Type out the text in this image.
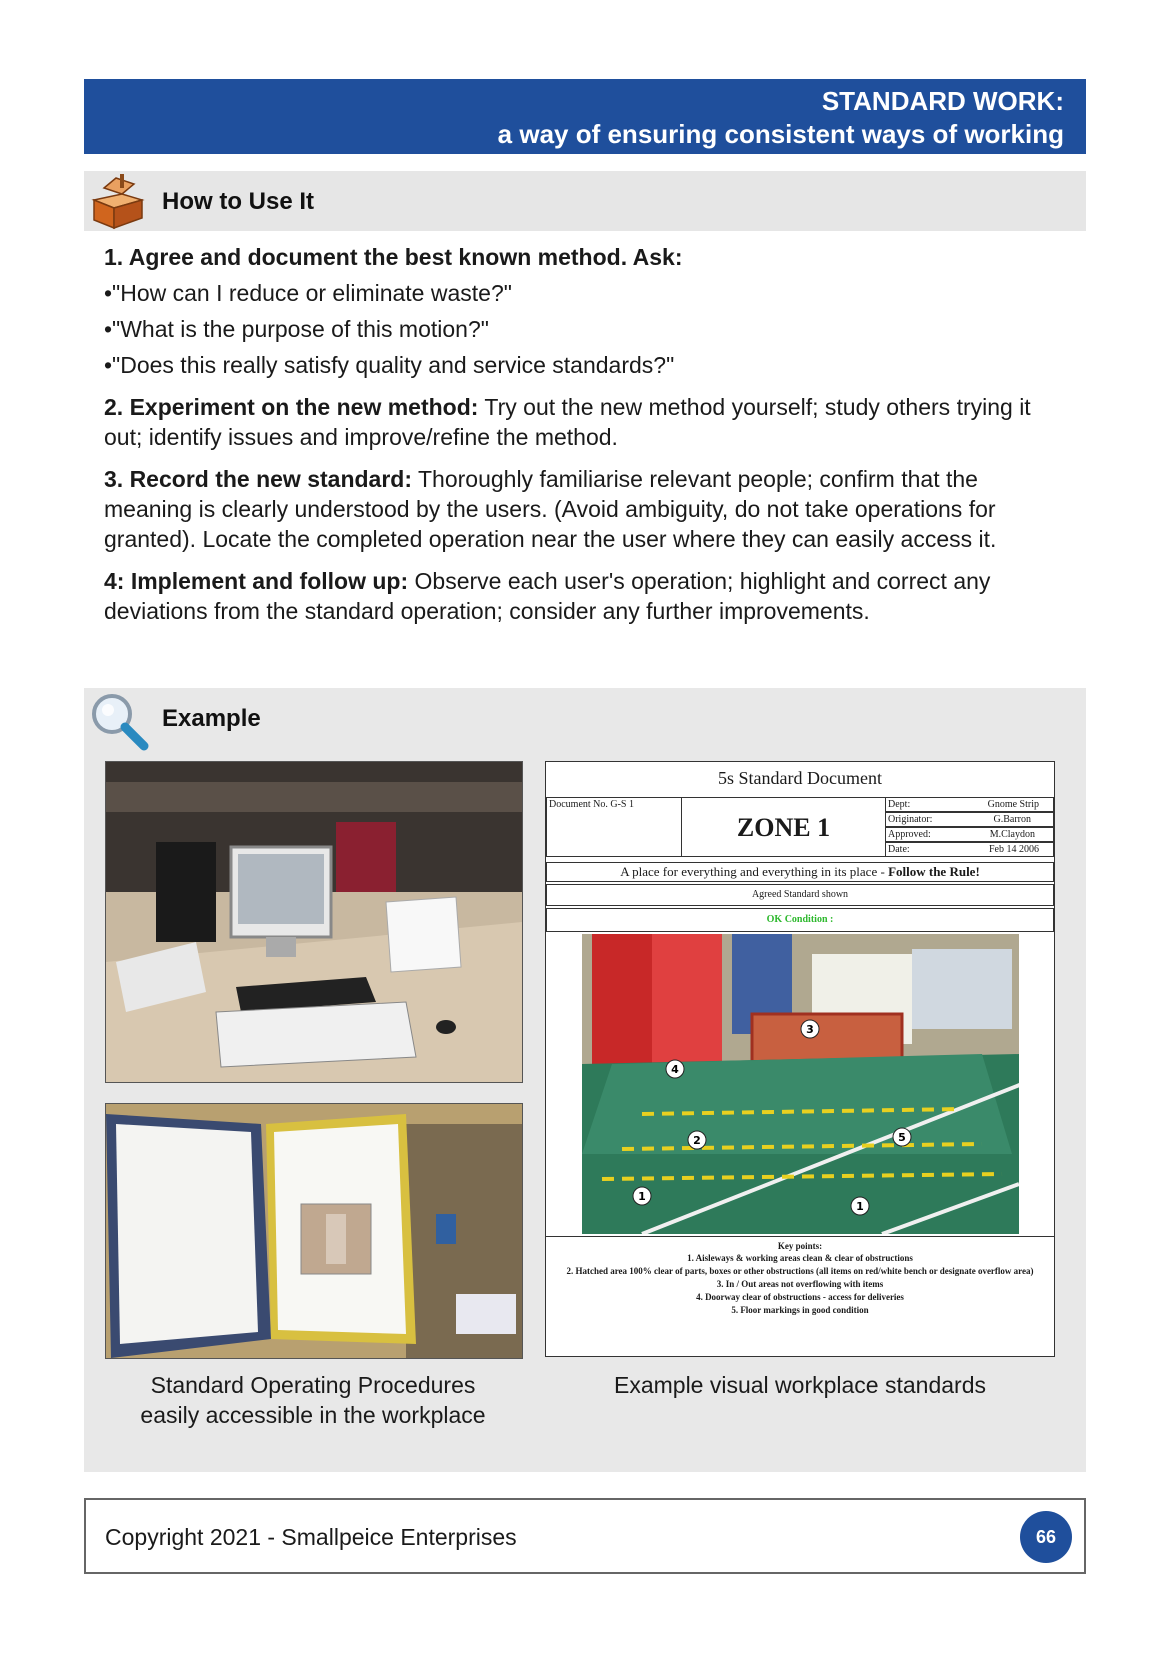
STANDARD WORK:
a way of ensuring consistent ways of working
How to Use It

1. Agree and document the best known method. Ask:

•"How can I reduce or eliminate waste?"

•"What is the purpose of this motion?"

•"Does this really satisfy quality and service standards?"

2. Experiment on the new method: Try out the new method yourself; study others trying it out; identify issues and improve/refine the method.

3. Record the new standard: Thoroughly familiarise relevant people; confirm that the meaning is clearly understood by the users. (Avoid ambiguity, do not take operations for granted). Locate the completed operation near the user where they can easily access it.

4: Implement and follow up: Observe each user's operation; highlight and correct any deviations from the standard operation; consider any further improvements.

Example
5s Standard Document
Document No. G-S 1
ZONE 1
Dept:	Gnome Strip
Originator:	G.Barron
Approved:	M.Claydon
Date:	Feb 14 2006
A place for everything and everything in its place - Follow the Rule!
Agreed Standard shown
OK Condition :
4
3
2	5
1
1
Key points:
1. Aisleways & working areas clean & clear of obstructions
2. Hatched area 100% clear of parts, boxes or other obstructions (all items on red/white bench or designate overflow area)
3. In / Out areas not overflowing with items
4. Doorway clear of obstructions - access for deliveries
5. Floor markings in good condition
Standard Operating Procedures
easily accessible in the workplace
Example visual workplace standards
Copyright 2021 - Smallpeice Enterprises	66
